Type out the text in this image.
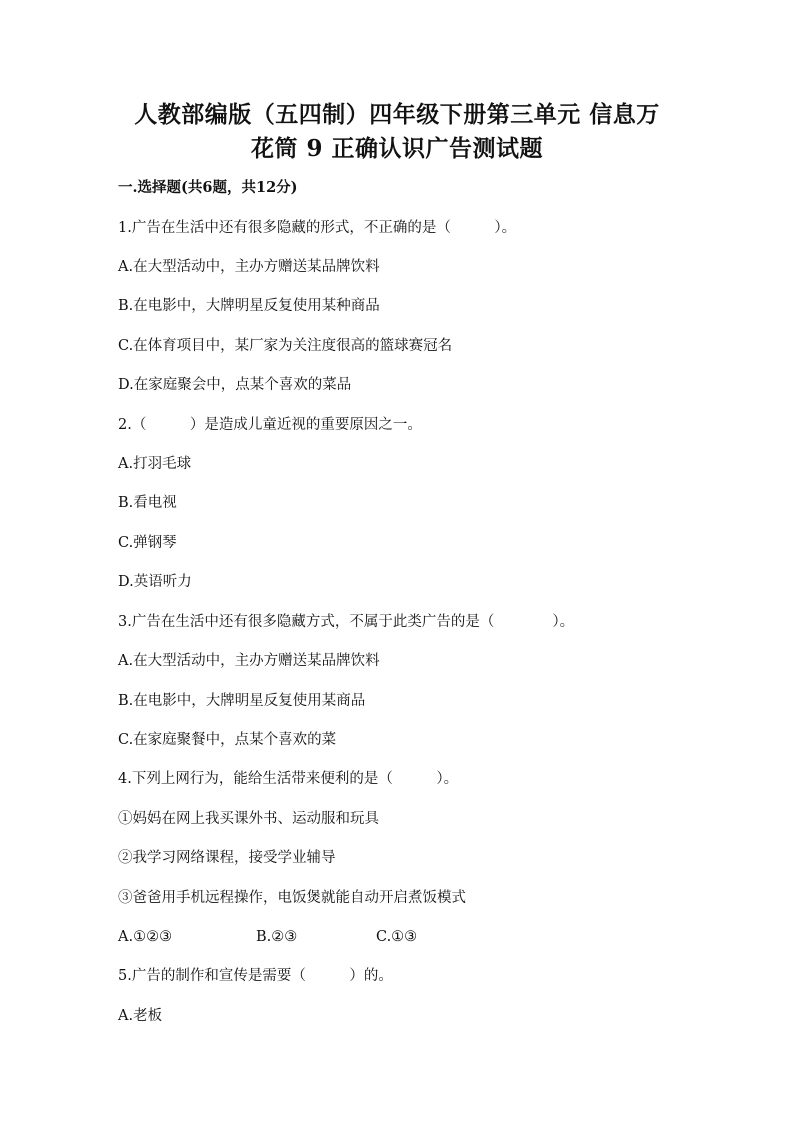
人教部编版（五四制）四年级下册第三单元 信息万
花筒 9 正确认识广告测试题
一.选择题(共6题，共12分)
1.广告在生活中还有很多隐藏的形式，不正确的是（　　　）。
A.在大型活动中，主办方赠送某品牌饮料
B.在电影中，大牌明星反复使用某种商品
C.在体育项目中，某厂家为关注度很高的篮球赛冠名
D.在家庭聚会中，点某个喜欢的菜品
2.（　　　）是造成儿童近视的重要原因之一。
A.打羽毛球
B.看电视
C.弹钢琴
D.英语听力
3.广告在生活中还有很多隐藏方式，不属于此类广告的是（　　　　）。
A.在大型活动中，主办方赠送某品牌饮料
B.在电影中，大牌明星反复使用某商品
C.在家庭聚餐中，点某个喜欢的菜
4.下列上网行为，能给生活带来便利的是（　　　）。
①妈妈在网上我买课外书、运动服和玩具
②我学习网络课程，接受学业辅导
③爸爸用手机远程操作，电饭煲就能自动开启煮饭模式
A.①②③	B.②③	C.①③
5.广告的制作和宣传是需要（　　　）的。
A.老板
